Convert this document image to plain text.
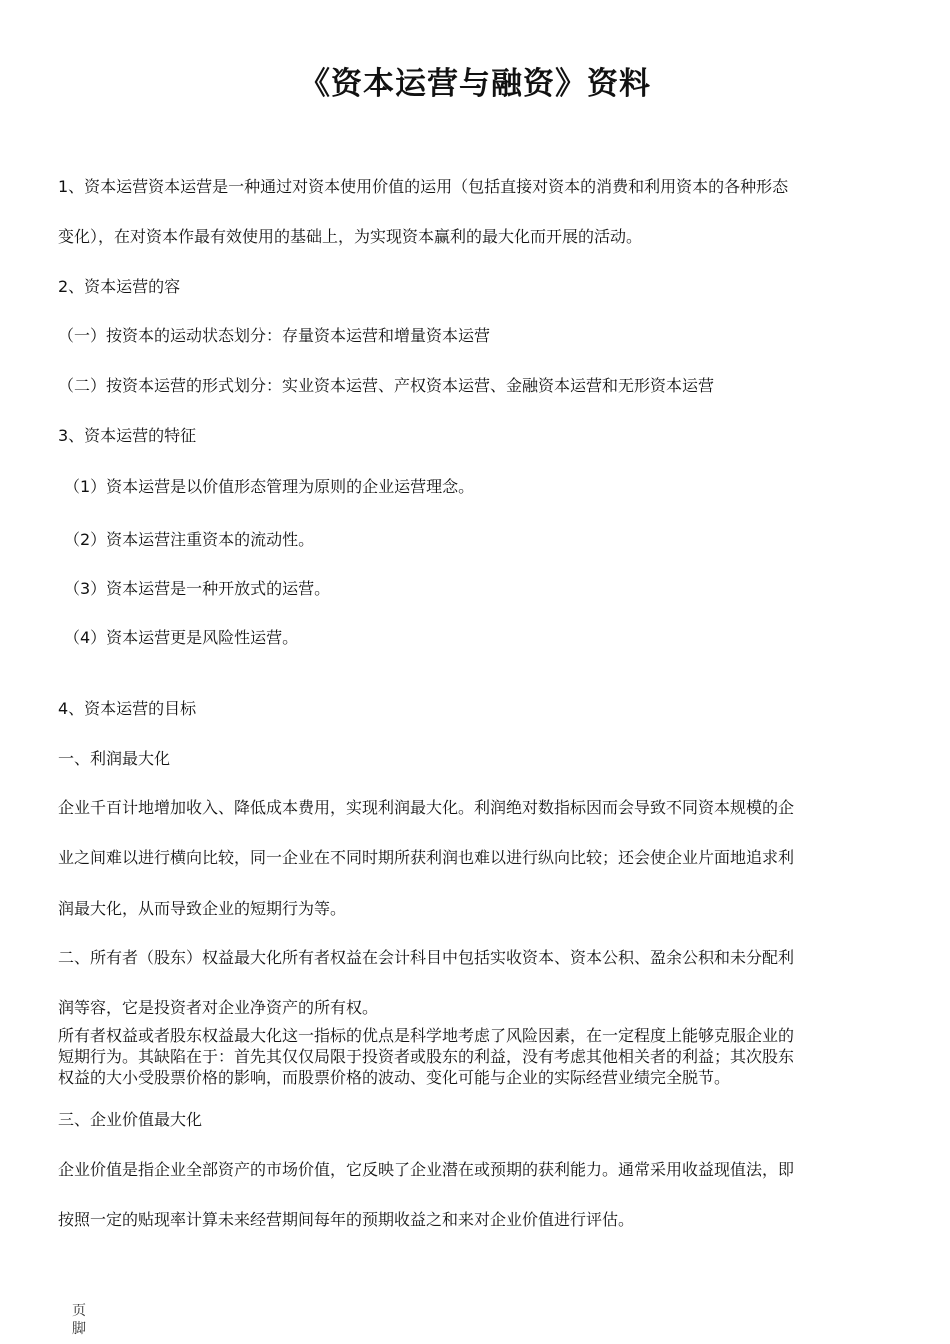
《资本运营与融资》资料
1、资本运营资本运营是一种通过对资本使用价值的运用（包括直接对资本的消费和利用资本的各种形态
变化），在对资本作最有效使用的基础上，为实现资本赢利的最大化而开展的活动。
2、资本运营的容
（一）按资本的运动状态划分：存量资本运营和增量资本运营
（二）按资本运营的形式划分：实业资本运营、产权资本运营、金融资本运营和无形资本运营
3、资本运营的特征
（1）资本运营是以价值形态管理为原则的企业运营理念。
（2）资本运营注重资本的流动性。
（3）资本运营是一种开放式的运营。
（4）资本运营更是风险性运营。
4、资本运营的目标
一、利润最大化
企业千百计地增加收入、降低成本费用，实现利润最大化。利润绝对数指标因而会导致不同资本规模的企
业之间难以进行横向比较，同一企业在不同时期所获利润也难以进行纵向比较；还会使企业片面地追求利
润最大化，从而导致企业的短期行为等。
二、所有者（股东）权益最大化所有者权益在会计科目中包括实收资本、资本公积、盈余公积和未分配利
润等容，它是投资者对企业净资产的所有权。
所有者权益或者股东权益最大化这一指标的优点是科学地考虑了风险因素，在一定程度上能够克服企业的
短期行为。其缺陷在于：首先其仅仅局限于投资者或股东的利益，没有考虑其他相关者的利益；其次股东
权益的大小受股票价格的影响，而股票价格的波动、变化可能与企业的实际经营业绩完全脱节。
三、企业价值最大化
企业价值是指企业全部资产的市场价值，它反映了企业潜在或预期的获利能力。通常采用收益现值法，即
按照一定的贴现率计算未来经营期间每年的预期收益之和来对企业价值进行评估。
页脚
